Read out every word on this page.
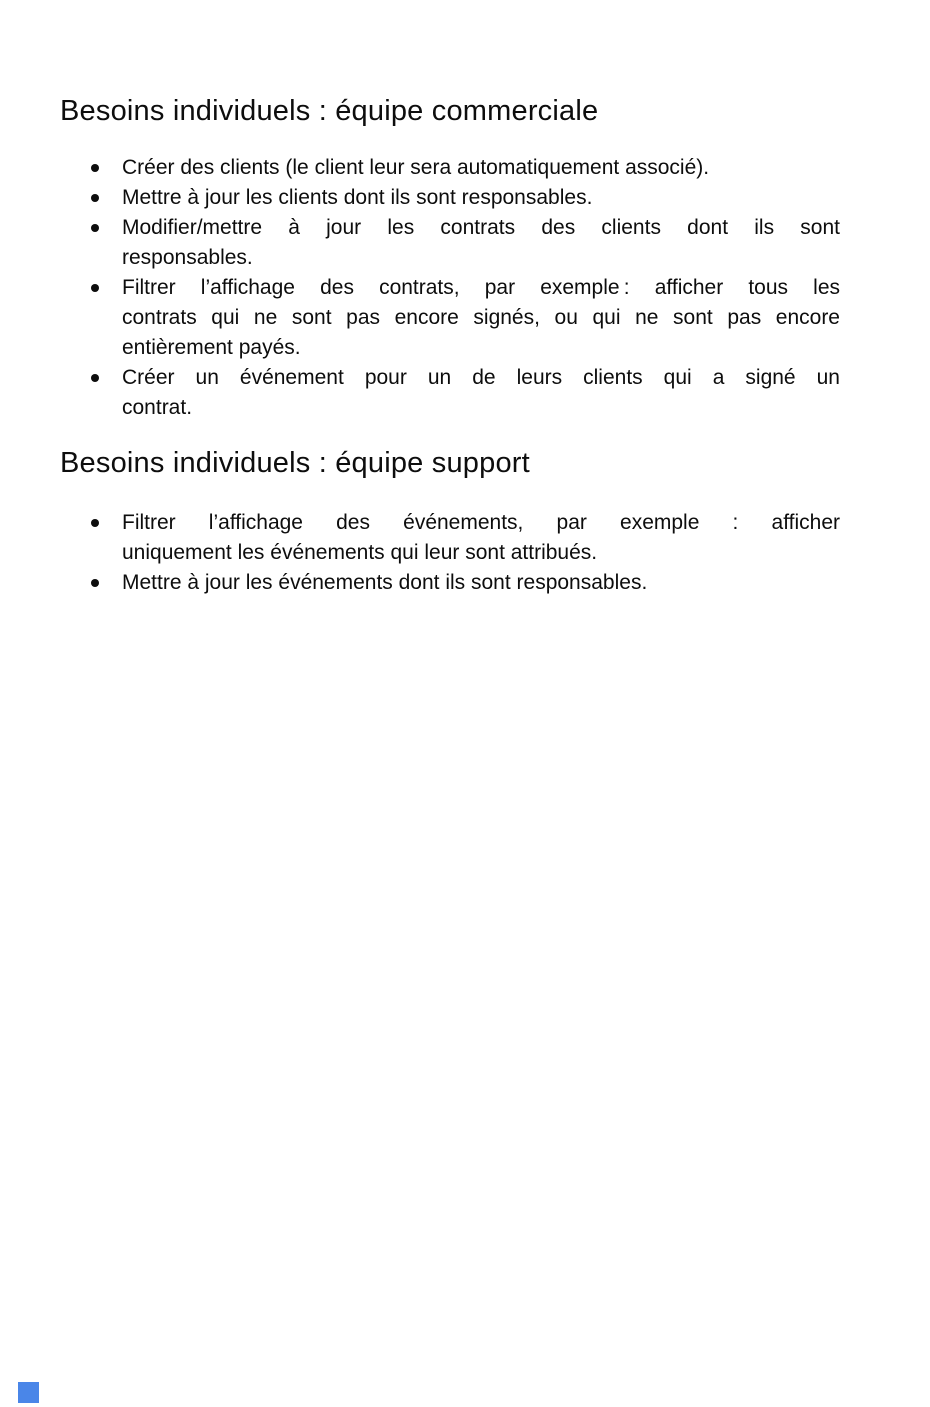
Besoins individuels : équipe commerciale
Créer des clients (le client leur sera automatiquement associé).
Mettre à jour les clients dont ils sont responsables.
Modifier/mettre à jour les contrats des clients dont ils sont
responsables.
Filtrer l’affichage des contrats, par exemple : afficher tous les
contrats qui ne sont pas encore signés, ou qui ne sont pas encore
entièrement payés.
Créer un événement pour un de leurs clients qui a signé un
contrat.
Besoins individuels : équipe support
Filtrer l’affichage des événements, par exemple : afficher
uniquement les événements qui leur sont attribués.
Mettre à jour les événements dont ils sont responsables.
